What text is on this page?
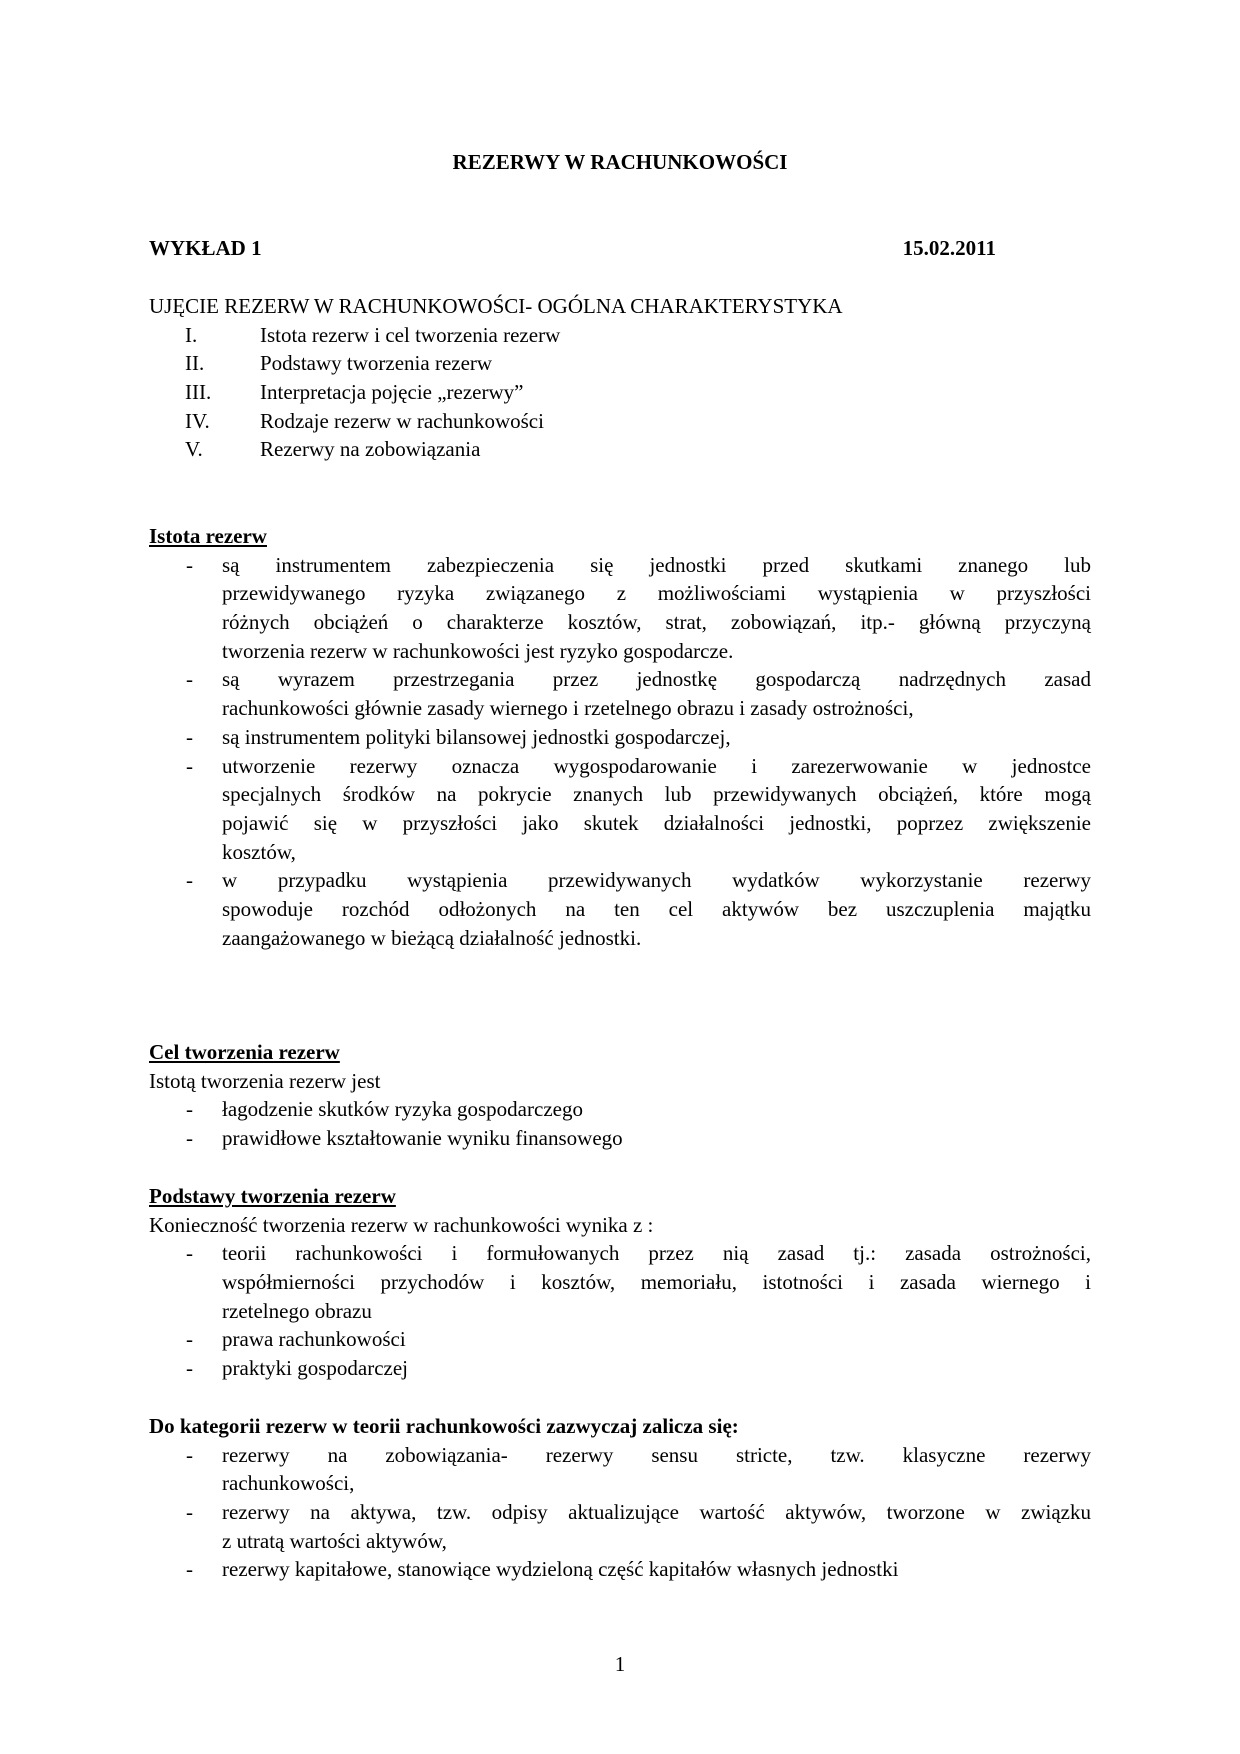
REZERWY W RACHUNKOWOŚCI
WYKŁAD 1	15.02.2011
UJĘCIE REZERW W RACHUNKOWOŚCI- OGÓLNA CHARAKTERYSTYKA
I.	Istota rezerw i cel tworzenia rezerw
II.	Podstawy tworzenia rezerw
III. Interpretacja pojęcie „rezerwy”
IV. Rodzaje rezerw w rachunkowości
V.	Rezerwy na zobowiązania
Istota rezerw
- są instrumentem zabezpieczenia się jednostki przed skutkami znanego lub
przewidywanego ryzyka związanego z możliwościami wystąpienia w przyszłości
różnych obciążeń o charakterze kosztów, strat, zobowiązań, itp.- główną przyczyną
tworzenia rezerw w rachunkowości jest ryzyko gospodarcze.
- są wyrazem przestrzegania przez jednostkę gospodarczą nadrzędnych zasad
rachunkowości głównie zasady wiernego i rzetelnego obrazu i zasady ostrożności,
- są instrumentem polityki bilansowej jednostki gospodarczej,
- utworzenie rezerwy oznacza wygospodarowanie i zarezerwowanie w jednostce
specjalnych środków na pokrycie znanych lub przewidywanych obciążeń, które mogą
pojawić się w przyszłości jako skutek działalności jednostki, poprzez zwiększenie
kosztów,
- w przypadku wystąpienia przewidywanych wydatków wykorzystanie rezerwy
spowoduje rozchód odłożonych na ten cel aktywów bez uszczuplenia majątku
zaangażowanego w bieżącą działalność jednostki.
Cel tworzenia rezerw
Istotą tworzenia rezerw jest
- łagodzenie skutków ryzyka gospodarczego
- prawidłowe kształtowanie wyniku finansowego
Podstawy tworzenia rezerw
Konieczność tworzenia rezerw w rachunkowości wynika z :
- teorii rachunkowości i formułowanych przez nią zasad tj.: zasada ostrożności,
współmierności przychodów i kosztów, memoriału, istotności i zasada wiernego i
rzetelnego obrazu
- prawa rachunkowości
- praktyki gospodarczej
Do kategorii rezerw w teorii rachunkowości zazwyczaj zalicza się:
- rezerwy na zobowiązania- rezerwy sensu stricte, tzw. klasyczne rezerwy
rachunkowości,
- rezerwy na aktywa, tzw. odpisy aktualizujące wartość aktywów, tworzone w związku
z utratą wartości aktywów,
- rezerwy kapitałowe, stanowiące wydzieloną część kapitałów własnych jednostki
1
